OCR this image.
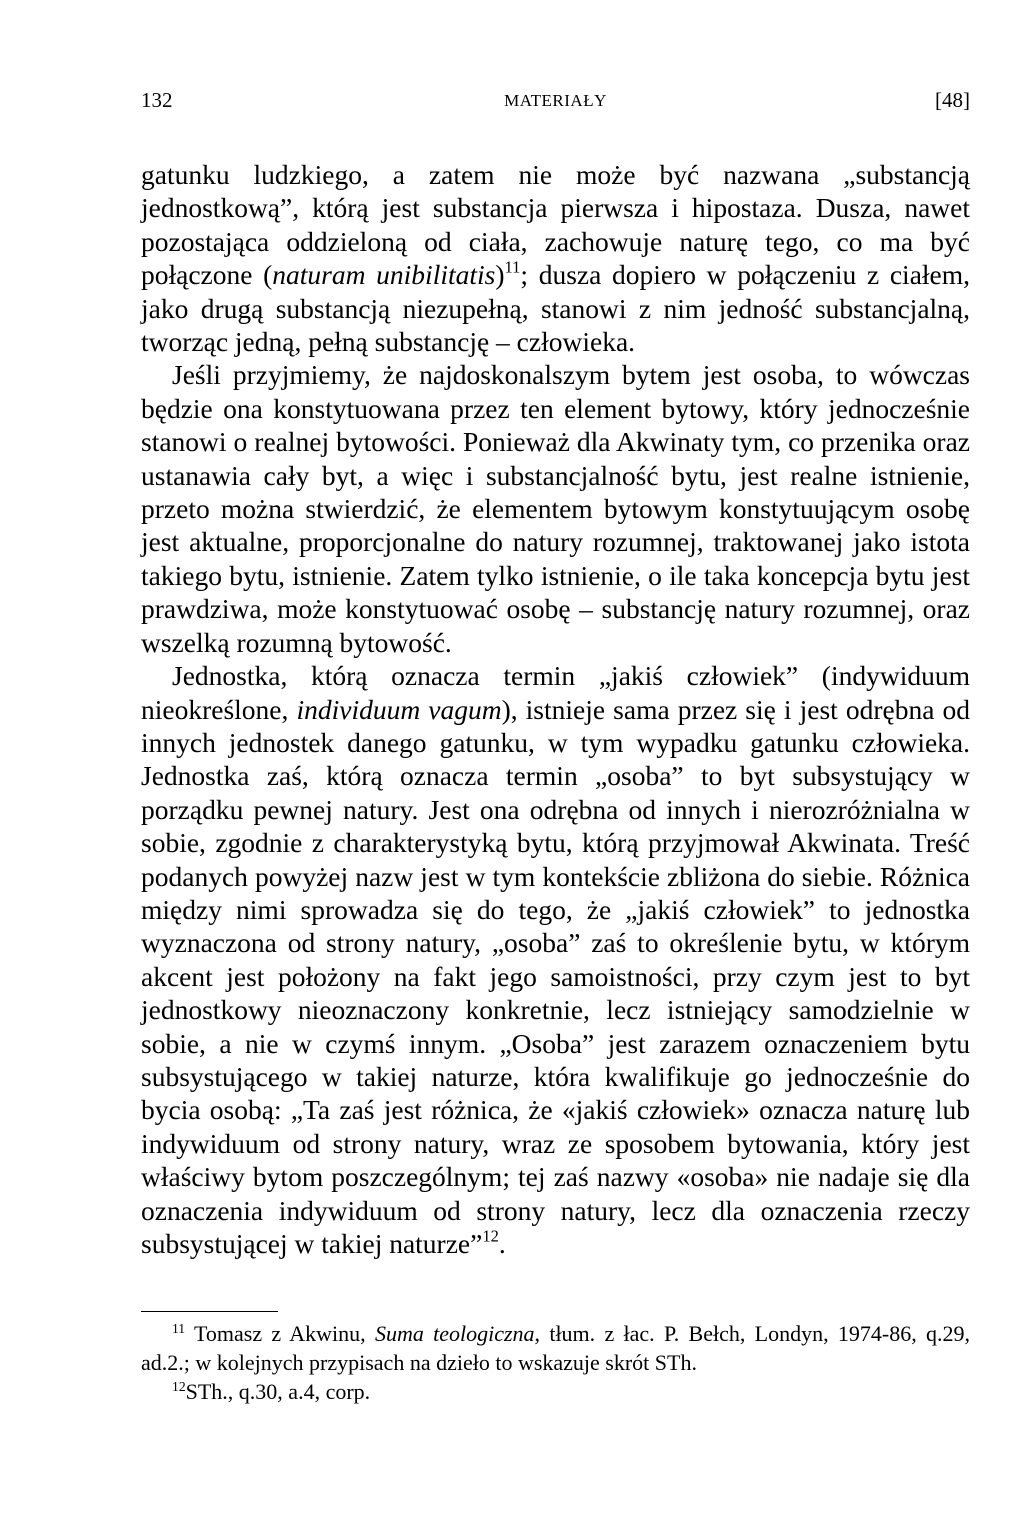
132	MATERIAŁY	[48]

gatunku ludzkiego, a zatem nie może być nazwana „substancją jednostkową”, którą jest substancja pierwsza i hipostaza. Dusza, nawet pozostająca oddzieloną od ciała, zachowuje naturę tego, co ma być połączone (naturam unibilitatis)$^{11}$; dusza dopiero w połączeniu z ciałem, jako drugą substancją niezupełną, stanowi z nim jedność substancjalną, tworząc jedną, pełną substancję – człowieka.

Jeśli przyjmiemy, że najdoskonalszym bytem jest osoba, to wówczas będzie ona konstytuowana przez ten element bytowy, który jednocześnie stanowi o realnej bytowości. Ponieważ dla Akwinaty tym, co przenika oraz ustanawia cały byt, a więc i substancjalność bytu, jest realne istnienie, przeto można stwierdzić, że elementem bytowym konstytuującym osobę jest aktualne, proporcjonalne do natury rozumnej, traktowanej jako istota takiego bytu, istnienie. Zatem tylko istnienie, o ile taka koncepcja bytu jest prawdziwa, może konstytuować osobę – substancję natury rozumnej, oraz wszelką rozumną bytowość.

Jednostka, którą oznacza termin „jakiś człowiek” (indywiduum nieokreślone, individuum vagum), istnieje sama przez się i jest odrębna od innych jednostek danego gatunku, w tym wypadku gatunku człowieka. Jednostka zaś, którą oznacza termin „osoba” to byt subsystujący w porządku pewnej natury. Jest ona odrębna od innych i nierozróżnialna w sobie, zgodnie z charakterystyką bytu, którą przyjmował Akwinata. Treść podanych powyżej nazw jest w tym kontekście zbliżona do siebie. Różnica między nimi sprowadza się do tego, że „jakiś człowiek” to jednostka wyznaczona od strony natury, „osoba” zaś to określenie bytu, w którym akcent jest położony na fakt jego samoistności, przy czym jest to byt jednostkowy nieoznaczony konkretnie, lecz istniejący samodzielnie w sobie, a nie w czymś innym. „Osoba” jest zarazem oznaczeniem bytu subsystującego w takiej naturze, która kwalifikuje go jednocześnie do bycia osobą: „Ta zaś jest różnica, że «jakiś człowiek» oznacza naturę lub indywiduum od strony natury, wraz ze sposobem bytowania, który jest właściwy bytom poszczególnym; tej zaś nazwy «osoba» nie nadaje się dla oznaczenia indywiduum od strony natury, lecz dla oznaczenia rzeczy subsystującej w takiej naturze”$^{12}$.

$^{11}$ Tomasz z Akwinu, Suma teologiczna, tłum. z łac. P. Bełch, Londyn, 1974-86, q.29, ad.2.; w kolejnych przypisach na dzieło to wskazuje skrót STh.

$^{12}$STh., q.30, a.4, corp.
